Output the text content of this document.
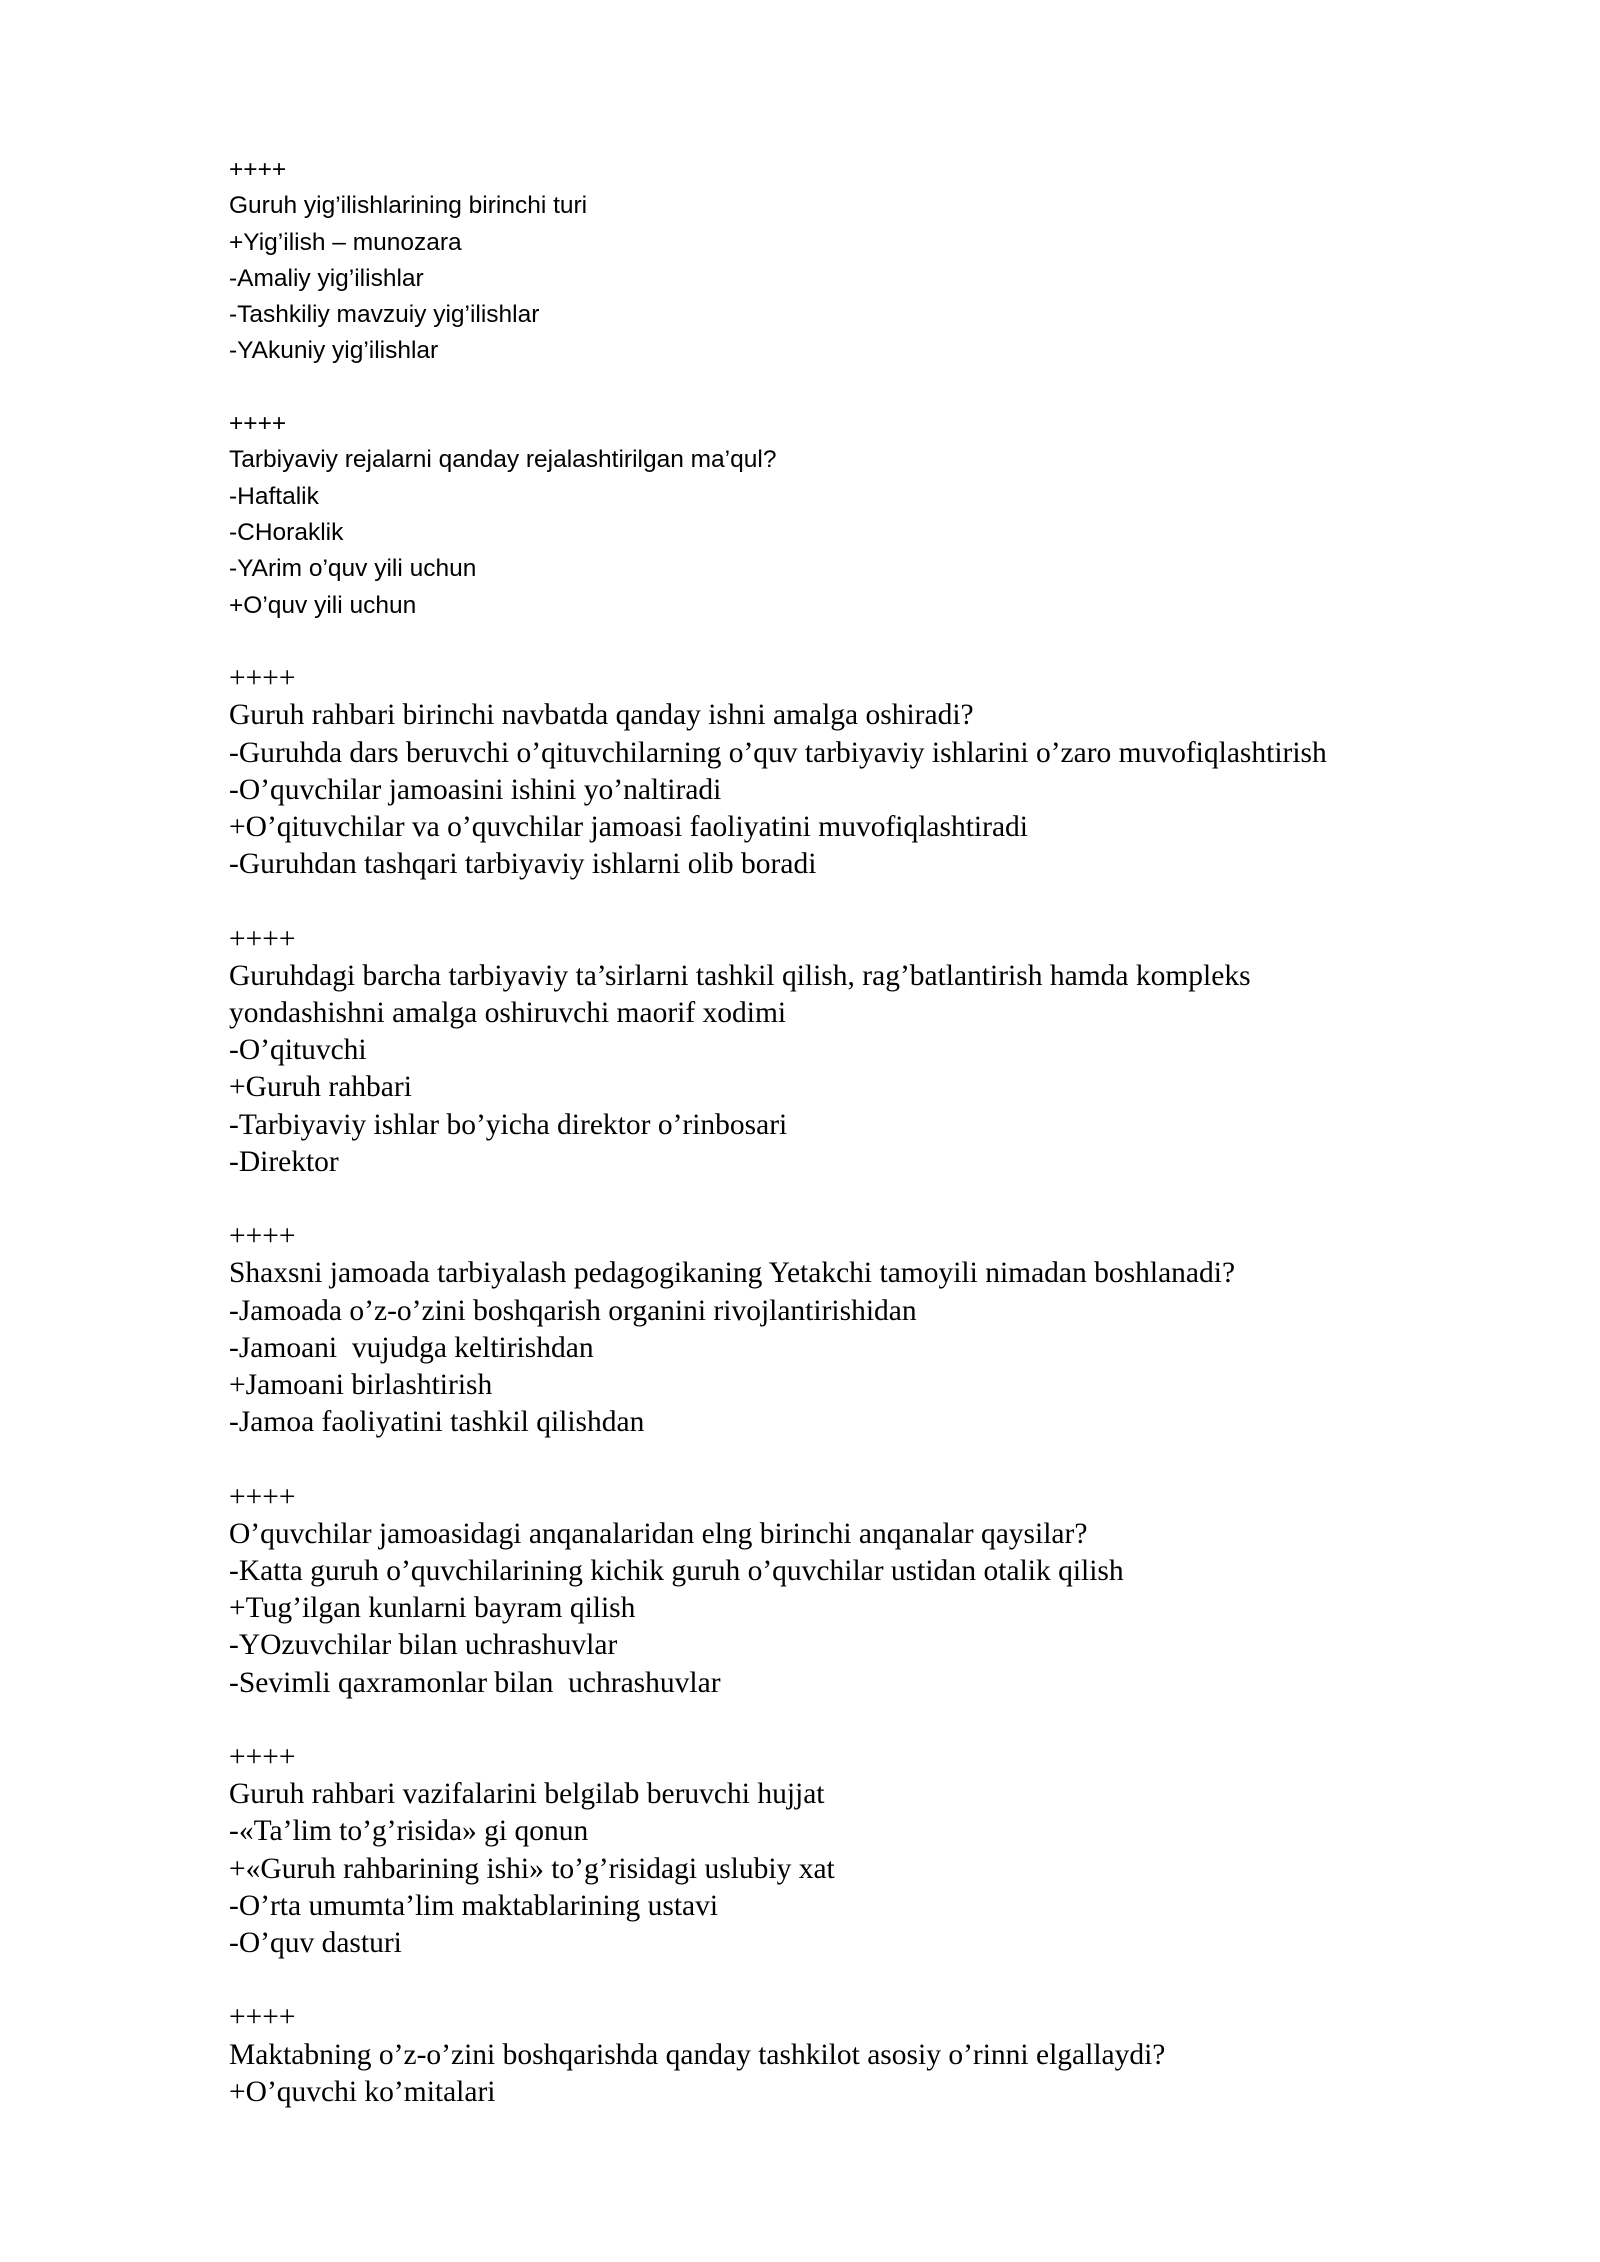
++++
Guruh yig’ilishlarining birinchi turi
+Yig’ilish – munozara
-Amaliy yig’ilishlar
-Tashkiliy mavzuiy yig’ilishlar
-YAkuniy yig’ilishlar
++++
Tarbiyaviy rejalarni qanday rejalashtirilgan ma’qul?
-Haftalik
-CHoraklik
-YArim o’quv yili uchun
+O’quv yili uchun
++++
Guruh rahbari birinchi navbatda qanday ishni amalga oshiradi?
-Guruhda dars beruvchi o’qituvchilarning o’quv tarbiyaviy ishlarini o’zaro muvofiqlashtirish
-O’quvchilar jamoasini ishini yo’naltiradi
+O’qituvchilar va o’quvchilar jamoasi faoliyatini muvofiqlashtiradi
-Guruhdan tashqari tarbiyaviy ishlarni olib boradi
++++
Guruhdagi barcha tarbiyaviy ta’sirlarni tashkil qilish, rag’batlantirish hamda kompleks
yondashishni amalga oshiruvchi maorif xodimi
-O’qituvchi
+Guruh rahbari
-Tarbiyaviy ishlar bo’yicha direktor o’rinbosari
-Direktor
++++
Shaxsni jamoada tarbiyalash pedagogikaning Yetakchi tamoyili nimadan boshlanadi?
-Jamoada o’z-o’zini boshqarish organini rivojlantirishidan
-Jamoani  vujudga keltirishdan
+Jamoani birlashtirish
-Jamoa faoliyatini tashkil qilishdan
++++
O’quvchilar jamoasidagi anqanalaridan elng birinchi anqanalar qaysilar?
-Katta guruh o’quvchilarining kichik guruh o’quvchilar ustidan otalik qilish
+Tug’ilgan kunlarni bayram qilish
-YOzuvchilar bilan uchrashuvlar
-Sevimli qaxramonlar bilan  uchrashuvlar
++++
Guruh rahbari vazifalarini belgilab beruvchi hujjat
-«Ta’lim to’g’risida» gi qonun
+«Guruh rahbarining ishi» to’g’risidagi uslubiy xat
-O’rta umumta’lim maktablarining ustavi
-O’quv dasturi
++++
Maktabning o’z-o’zini boshqarishda qanday tashkilot asosiy o’rinni elgallaydi?
+O’quvchi ko’mitalari
